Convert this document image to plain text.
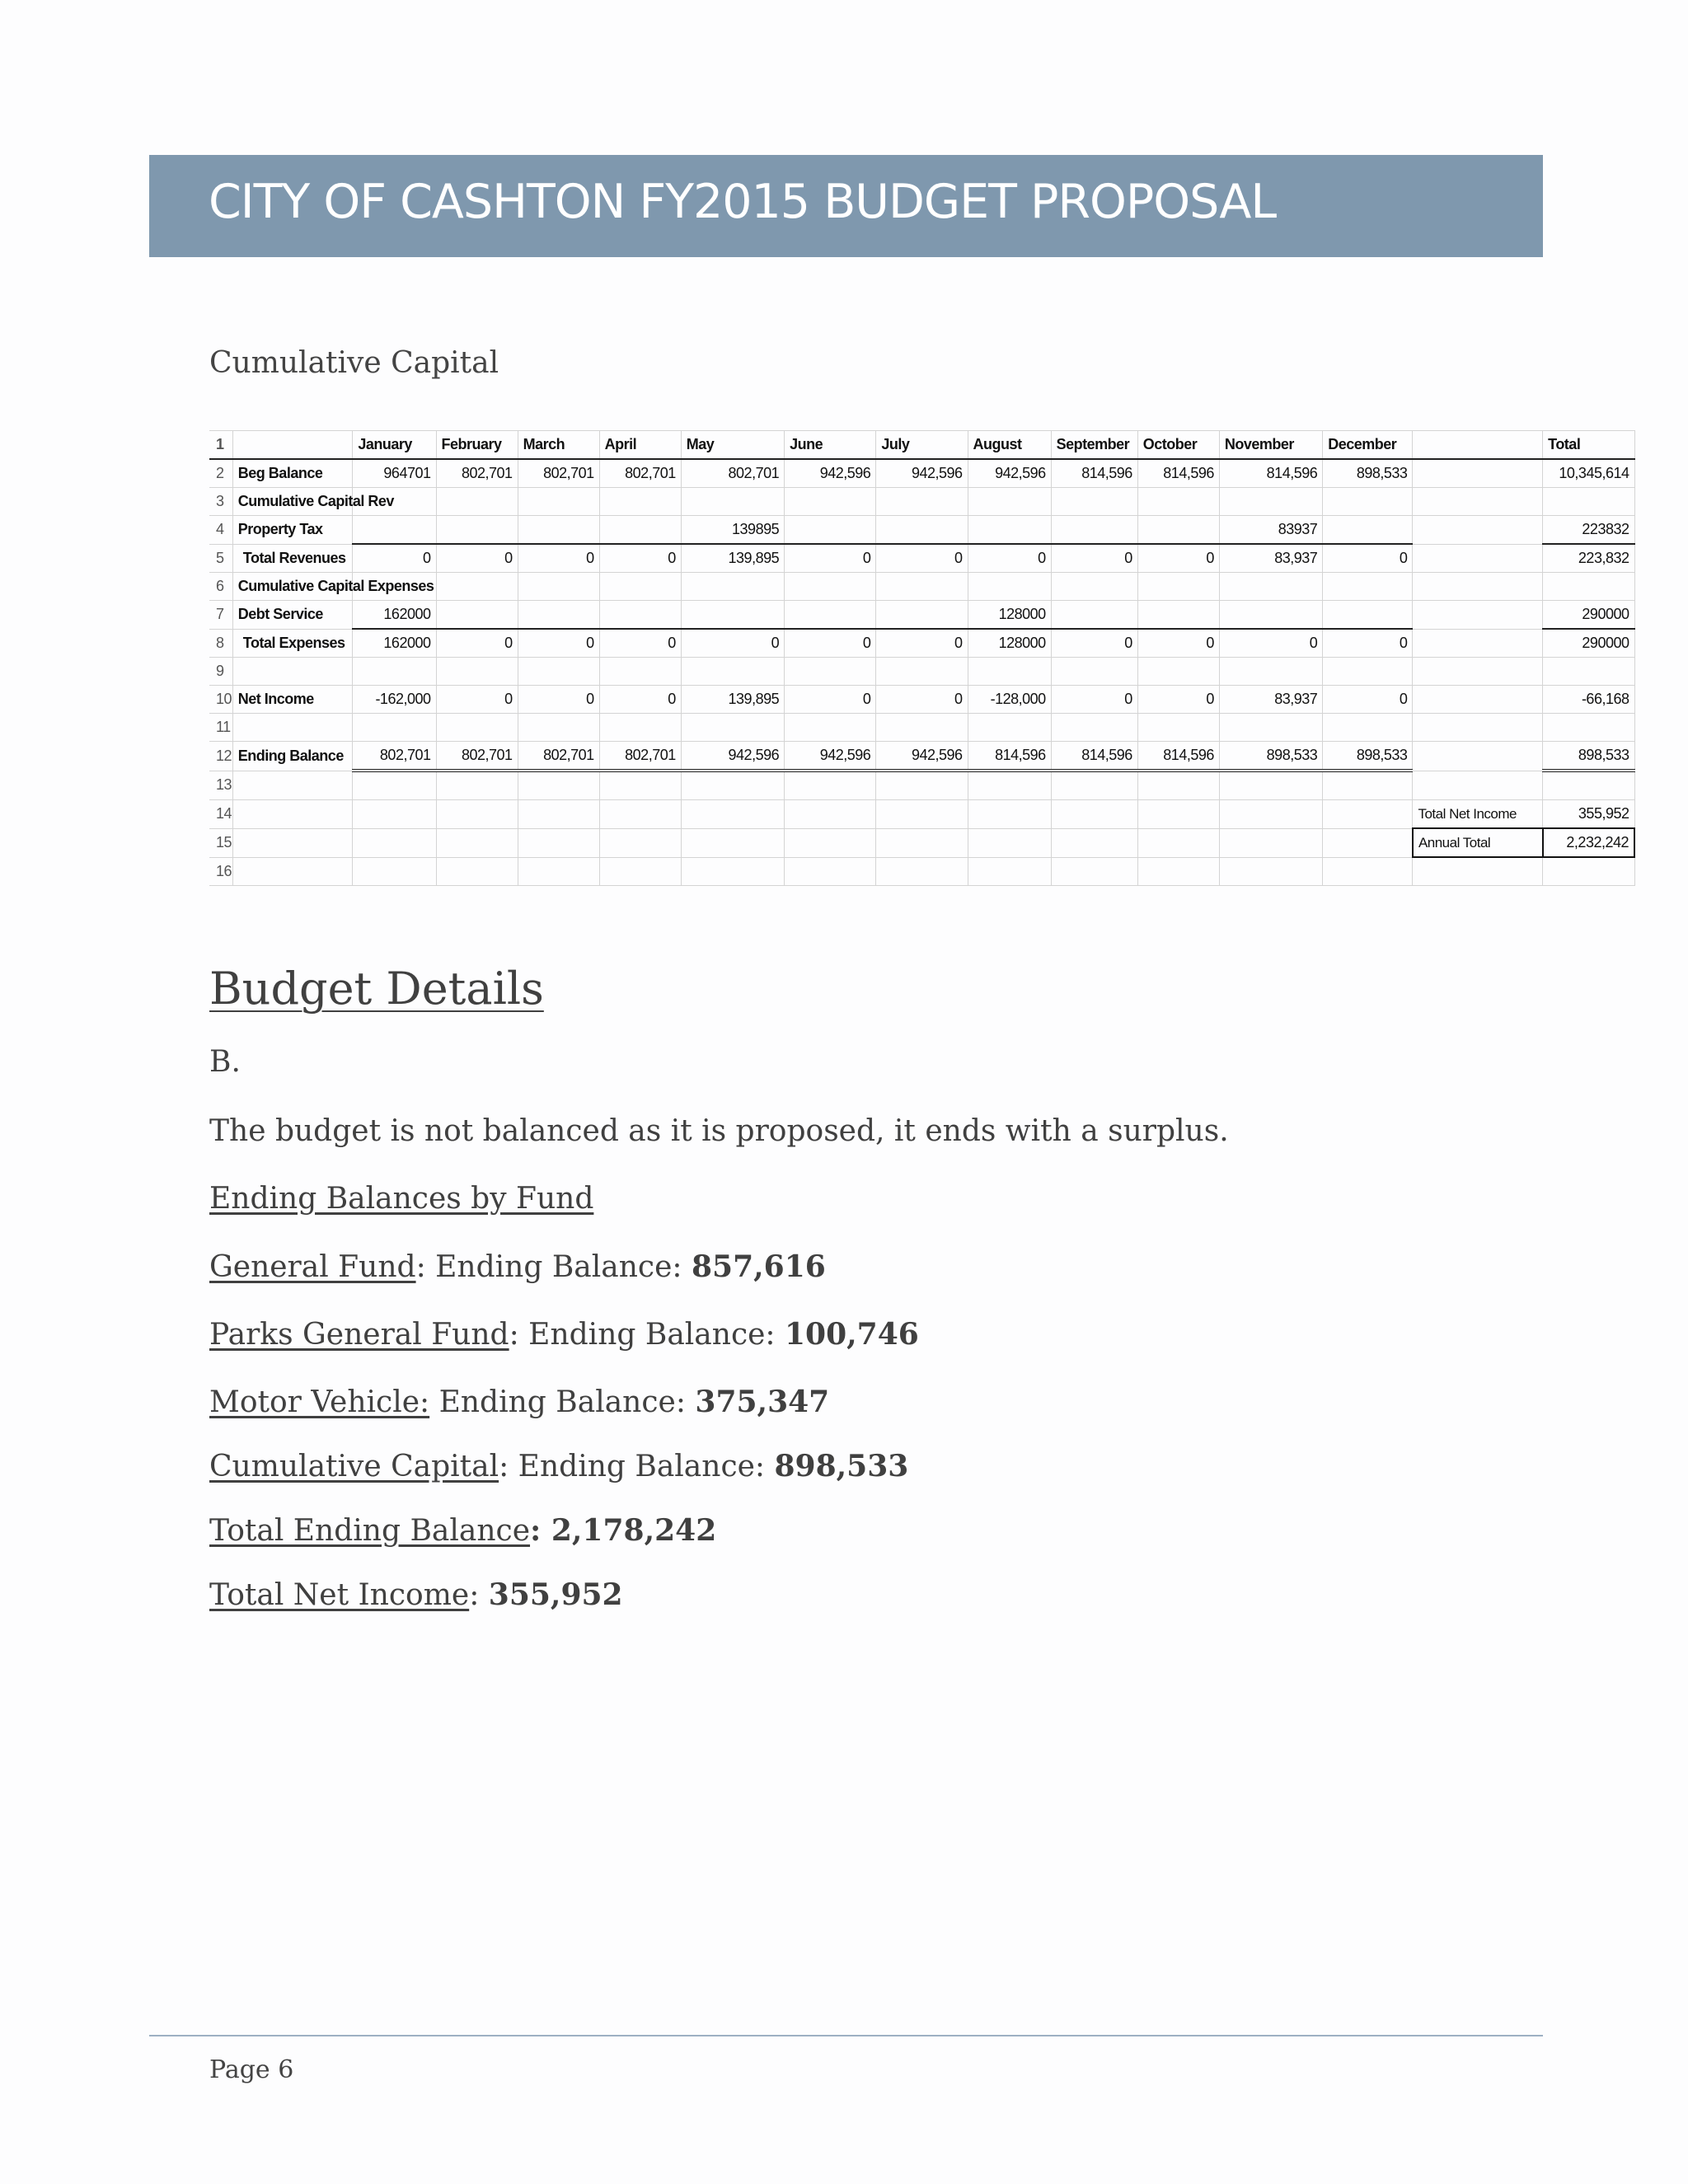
CITY OF CASHTON FY2015 BUDGET PROPOSAL
Cumulative Capital
1		January	February	March	April	May	June	July	August	September	October	November	December		Total
2	Beg Balance	964701	802,701	802,701	802,701	802,701	942,596	942,596	942,596	814,596	814,596	814,596	898,533		10,345,614
3	Cumulative Capital Rev														
4	Property Tax					139895						83937			223832
5	Total Revenues	0	0	0	0	139,895	0	0	0	0	0	83,937	0		223,832
6	Cumulative Capital Expenses														
7	Debt Service	162000							128000						290000
8	Total Expenses	162000	0	0	0	0	0	0	128000	0	0	0	0		290000
9															
10	Net Income	-162,000	0	0	0	139,895	0	0	-128,000	0	0	83,937	0		-66,168
11															
12	Ending Balance	802,701	802,701	802,701	802,701	942,596	942,596	942,596	814,596	814,596	814,596	898,533	898,533		898,533
13															
14														Total Net Income	355,952
15														Annual Total	2,232,242
16															
Budget Details
B.
The budget is not balanced as it is proposed, it ends with a surplus.
Ending Balances by Fund
General Fund: Ending Balance: 857,616
Parks General Fund: Ending Balance: 100,746
Motor Vehicle: Ending Balance: 375,347
Cumulative Capital: Ending Balance: 898,533
Total Ending Balance: 2,178,242
Total Net Income: 355,952
Page 6
